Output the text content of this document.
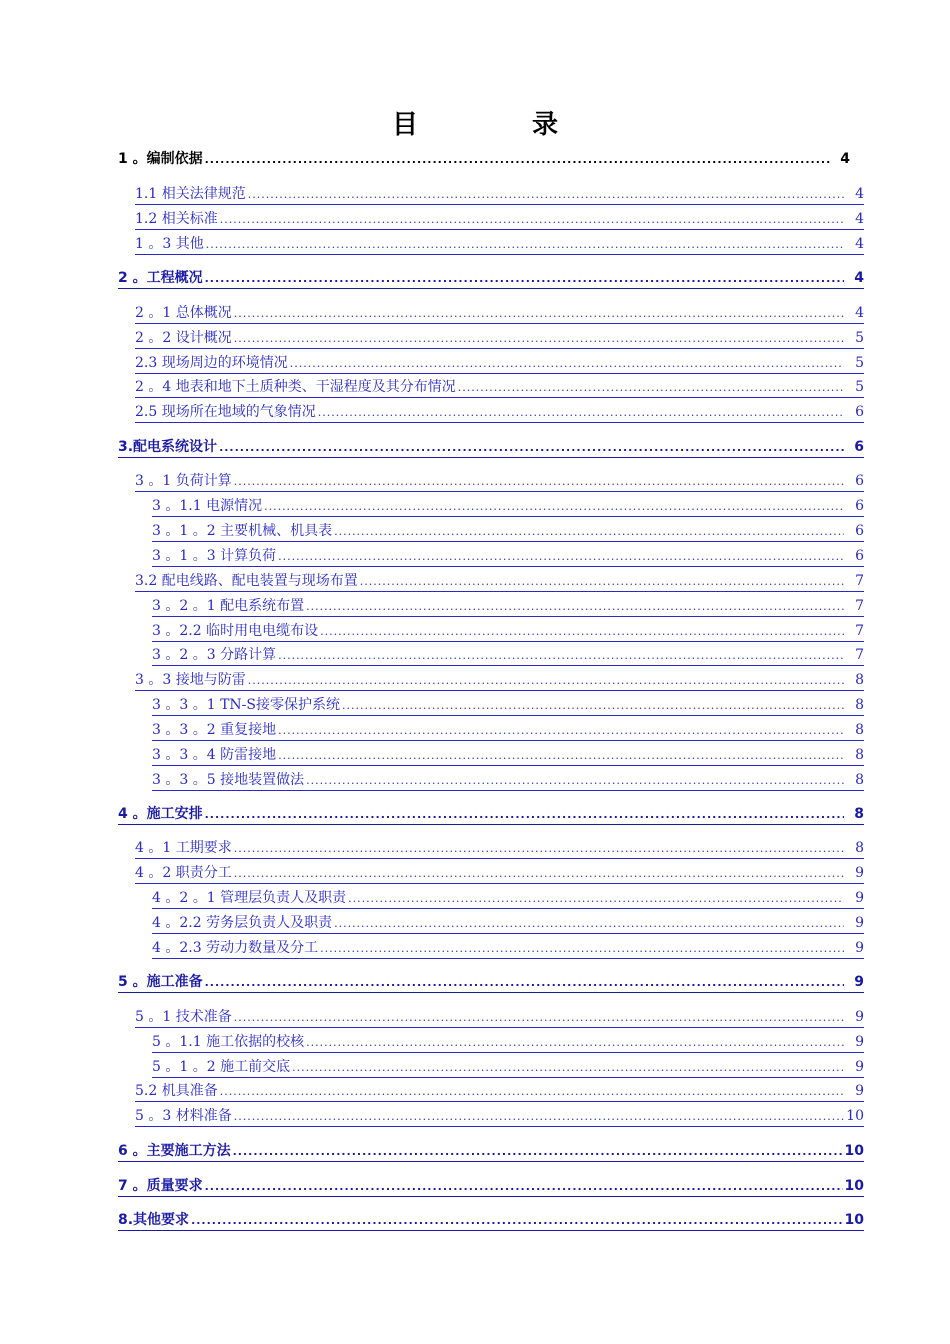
目　录
1 。编制依据 .....	4
1.1 相关法律规范 .....	4
1.2 相关标准 .....	4
1 。3 其他 .....	4
2 。工程概况 .....	4
2 。1 总体概况 .....	4
2 。2 设计概况 .....	5
2.3 现场周边的环境情况 .....	5
2 。4 地表和地下土质种类、干湿程度及其分布情况 .....	5
2.5 现场所在地域的气象情况 .....	6
3.配电系统设计 .....	6
3 。1 负荷计算 .....	6
3 。1.1 电源情况 .....	6
3 。1 。2 主要机械、机具表 .....	6
3 。1 。3 计算负荷 .....	6
3.2 配电线路、配电装置与现场布置 .....	7
3 。2 。1 配电系统布置 .....	7
3 。2.2 临时用电电缆布设 .....	7
3 。2 。3 分路计算 .....	7
3 。3 接地与防雷 .....	8
3 。3 。1 TN-S接零保护系统 .....	8
3 。3 。2 重复接地 .....	8
3 。3 。4 防雷接地 .....	8
3 。3 。5 接地装置做法 .....	8
4 。施工安排 .....	8
4 。1 工期要求 .....	8
4 。2 职责分工 .....	9
4 。2 。1 管理层负责人及职责 .....	9
4 。2.2 劳务层负责人及职责 .....	9
4 。2.3 劳动力数量及分工 .....	9
5 。施工准备 .....	9
5 。1 技术准备 .....	9
5 。1.1 施工依据的校核 .....	9
5 。1 。2 施工前交底 .....	9
5.2 机具准备 .....	9
5 。3 材料准备 .....	10
6 。主要施工方法 .....	10
7 。质量要求 .....	10
8.其他要求 .....	10
